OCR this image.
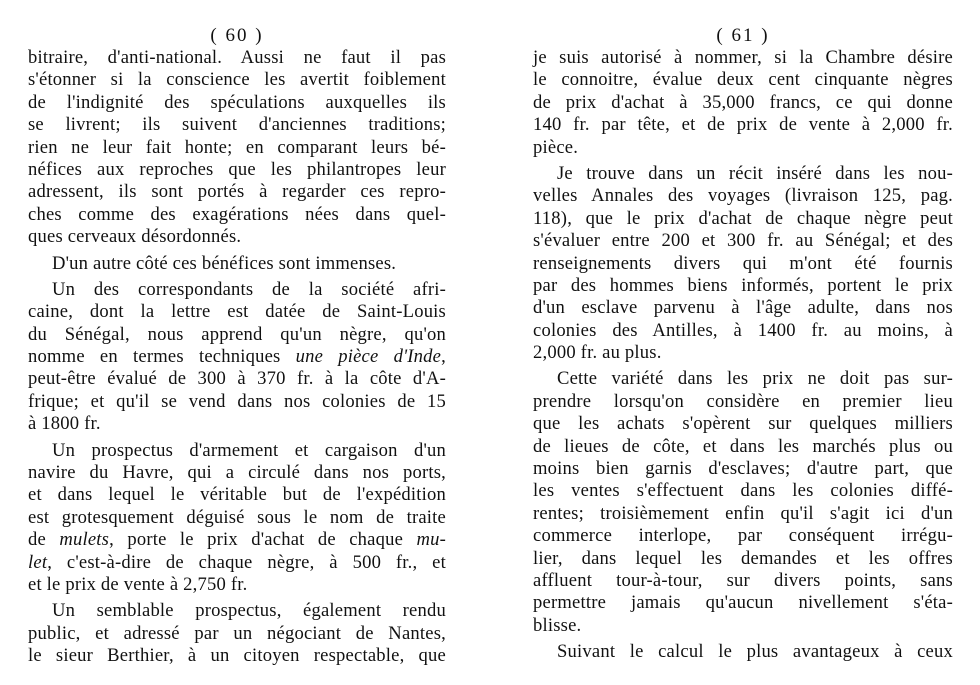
( 60 )
bitraire, d'anti-national. Aussi ne faut il pas
s'étonner si la conscience les avertit foiblement
de l'indignité des spéculations auxquelles ils
se livrent; ils suivent d'anciennes traditions;
rien ne leur fait honte; en comparant leurs bé-
néfices aux reproches que les philantropes leur
adressent, ils sont portés à regarder ces repro-
ches comme des exagérations nées dans quel-
ques cerveaux désordonnés.
D'un autre côté ces bénéfices sont immenses.
Un des correspondants de la société afri-
caine, dont la lettre est datée de Saint-Louis
du Sénégal, nous apprend qu'un nègre, qu'on
nomme en termes techniques une pièce d'Inde,
peut-être évalué de 300 à 370 fr. à la côte d'A-
frique; et qu'il se vend dans nos colonies de 15
à 1800 fr.
Un prospectus d'armement et cargaison d'un
navire du Havre, qui a circulé dans nos ports,
et dans lequel le véritable but de l'expédition
est grotesquement déguisé sous le nom de traite
de mulets, porte le prix d'achat de chaque mu-
let, c'est-à-dire de chaque nègre, à 500 fr., et
et le prix de vente à 2,750 fr.
Un semblable prospectus, également rendu
public, et adressé par un négociant de Nantes,
le sieur Berthier, à un citoyen respectable, que
( 61 )
je suis autorisé à nommer, si la Chambre désire
le connoitre, évalue deux cent cinquante nègres
de prix d'achat à 35,000 francs, ce qui donne
140 fr. par tête, et de prix de vente à 2,000 fr.
pièce.
Je trouve dans un récit inséré dans les nou-
velles Annales des voyages (livraison 125, pag.
118), que le prix d'achat de chaque nègre peut
s'évaluer entre 200 et 300 fr. au Sénégal; et des
renseignements divers qui m'ont été fournis
par des hommes biens informés, portent le prix
d'un esclave parvenu à l'âge adulte, dans nos
colonies des Antilles, à 1400 fr. au moins, à
2,000 fr. au plus.
Cette variété dans les prix ne doit pas sur-
prendre lorsqu'on considère en premier lieu
que les achats s'opèrent sur quelques milliers
de lieues de côte, et dans les marchés plus ou
moins bien garnis d'esclaves; d'autre part, que
les ventes s'effectuent dans les colonies diffé-
rentes; troisièmement enfin qu'il s'agit ici d'un
commerce interlope, par conséquent irrégu-
lier, dans lequel les demandes et les offres
affluent tour-à-tour, sur divers points, sans
permettre jamais qu'aucun nivellement s'éta-
blisse.
Suivant le calcul le plus avantageux à ceux
